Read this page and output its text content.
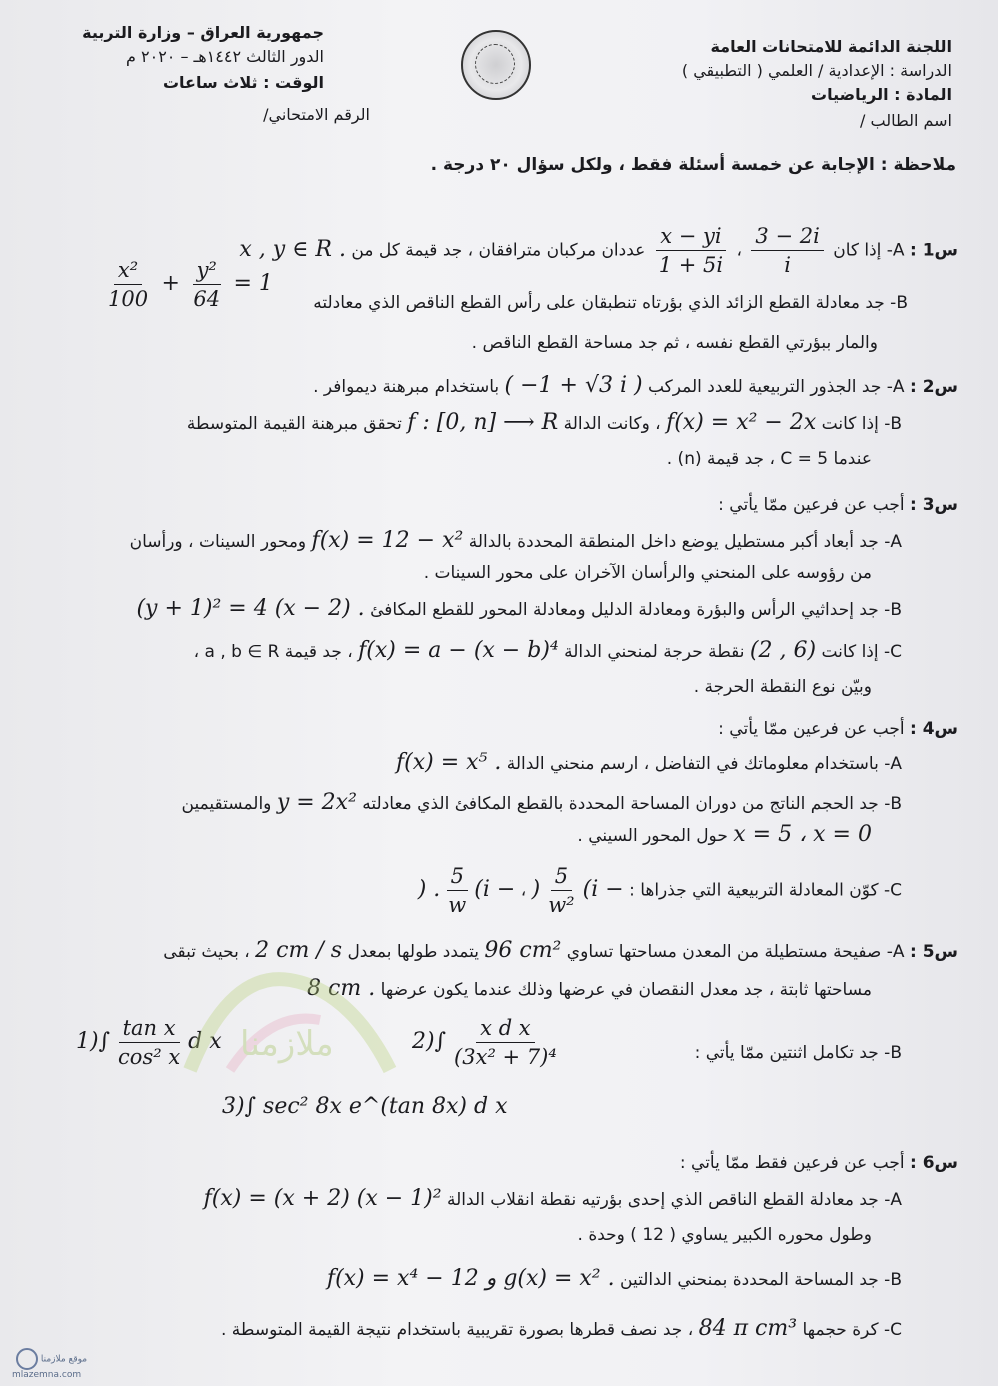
اللجنة الدائمة للامتحانات العامة
الدراسة : الإعدادية / العلمي ( التطبيقي )
المادة : الرياضيات
اسم الطالب /
جمهورية العراق – وزارة التربية
الدور الثالث ١٤٤٢هـ – ٢٠٢٠ م
الوقت : ثلاث ساعات
الرقم الامتحاني/
ملاحظة : الإجابة عن خمسة أسئلة فقط ، ولكل سؤال ٢٠ درجة .
س1 : A- إذا كان
$\frac{3 - 2i}{i}$
،
$\frac{x - yi}{1 + 5i}$
عددان مركبان مترافقان ، جد قيمة كل من x , y ∈ R .
B- جد معادلة القطع الزائد الذي بؤرتاه تنطبقان على رأس القطع الناقص الذي معادلته
$\frac{\text{x²}}{100} + \frac{\text{y²}}{64} = 1$
والمار ببؤرتي القطع نفسه ، ثم جد مساحة القطع الناقص .
س2 : A- جد الجذور التربيعية للعدد المركب ( −1 + √3 i ) باستخدام مبرهنة ديموافر .
B- إذا كانت f(x) = x² − 2x ، وكانت الدالة f : [0, n] ⟶ R تحقق مبرهنة القيمة المتوسطة
عندما C = 5 ، جد قيمة (n) .
س3 : أجب عن فرعين ممّا يأتي :
A- جد أبعاد أكبر مستطيل يوضع داخل المنطقة المحددة بالدالة f(x) = 12 − x² ومحور السينات ، ورأسان
من رؤوسه على المنحني والرأسان الآخران على محور السينات .
B- جد إحداثيي الرأس والبؤرة ومعادلة الدليل ومعادلة المحور للقطع المكافئ (y + 1)² = 4 (x − 2) .
C- إذا كانت (2 , 6) نقطة حرجة لمنحني الدالة f(x) = a − (x − b)⁴ ، جد قيمة a , b ∈ R ،
وبيّن نوع النقطة الحرجة .
س4 : أجب عن فرعين ممّا يأتي :
A- باستخدام معلوماتك في التفاضل ، ارسم منحني الدالة f(x) = x⁵ .
B- جد الحجم الناتج من دوران المساحة المحددة بالقطع المكافئ الذي معادلته y = 2x² والمستقيمين
x = 5 ، x = 0 حول المحور السيني .
C- كوّن المعادلة التربيعية التي جذراها : (i −
$\frac{5}{\text{w²}}$
) ، (i −
$\frac{5}{w}$
) .
س5 : A- صفيحة مستطيلة من المعدن مساحتها تساوي 96 cm² يتمدد طولها بمعدل 2 cm / s ، بحيث تبقى
مساحتها ثابتة ، جد معدل النقصان في عرضها وذلك عندما يكون عرضها 8 cm .
B- جد تكامل اثنتين ممّا يأتي :
$1)\int \frac{\text{tan x}}{\text{cos² x}}$ d x	$2)\int \frac{\text{x d x}}{\text{(3x² + 7)⁴}}$
3)∫ sec² 8x e^(tan 8x) d x
س6 : أجب عن فرعين فقط ممّا يأتي :
A- جد معادلة القطع الناقص الذي إحدى بؤرتيه نقطة انقلاب الدالة f(x) = (x + 2) (x − 1)²
وطول محوره الكبير يساوي ( 12 ) وحدة .
B- جد المساحة المحددة بمنحني الدالتين f(x) = x⁴ − 12 و g(x) = x² .
C- كرة حجمها 84 π cm³ ، جد نصف قطرها بصورة تقريبية باستخدام نتيجة القيمة المتوسطة .
ملازمنا
موقع ملازمنا
mlazemna.com
